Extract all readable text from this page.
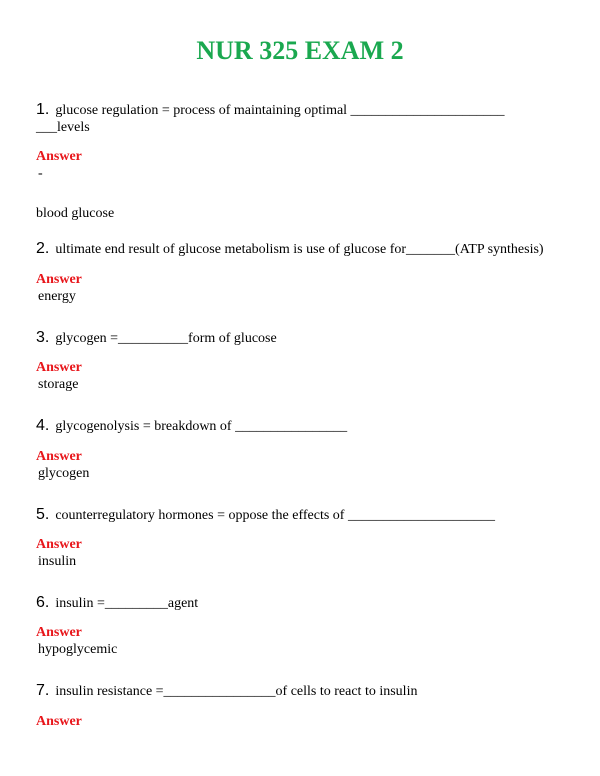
NUR 325 EXAM 2
1. glucose regulation = process of maintaining optimal ______________________ ___levels
Answer
-
blood glucose
2. ultimate end result of glucose metabolism is use of glucose for_______(ATP synthesis)
Answer
energy
3. glycogen =__________form of glucose
Answer
storage
4. glycogenolysis = breakdown of ________________
Answer
glycogen
5. counterregulatory hormones = oppose the effects of _____________________
Answer
insulin
6. insulin =_________agent
Answer
hypoglycemic
7. insulin resistance =________________of cells to react to insulin
Answer
